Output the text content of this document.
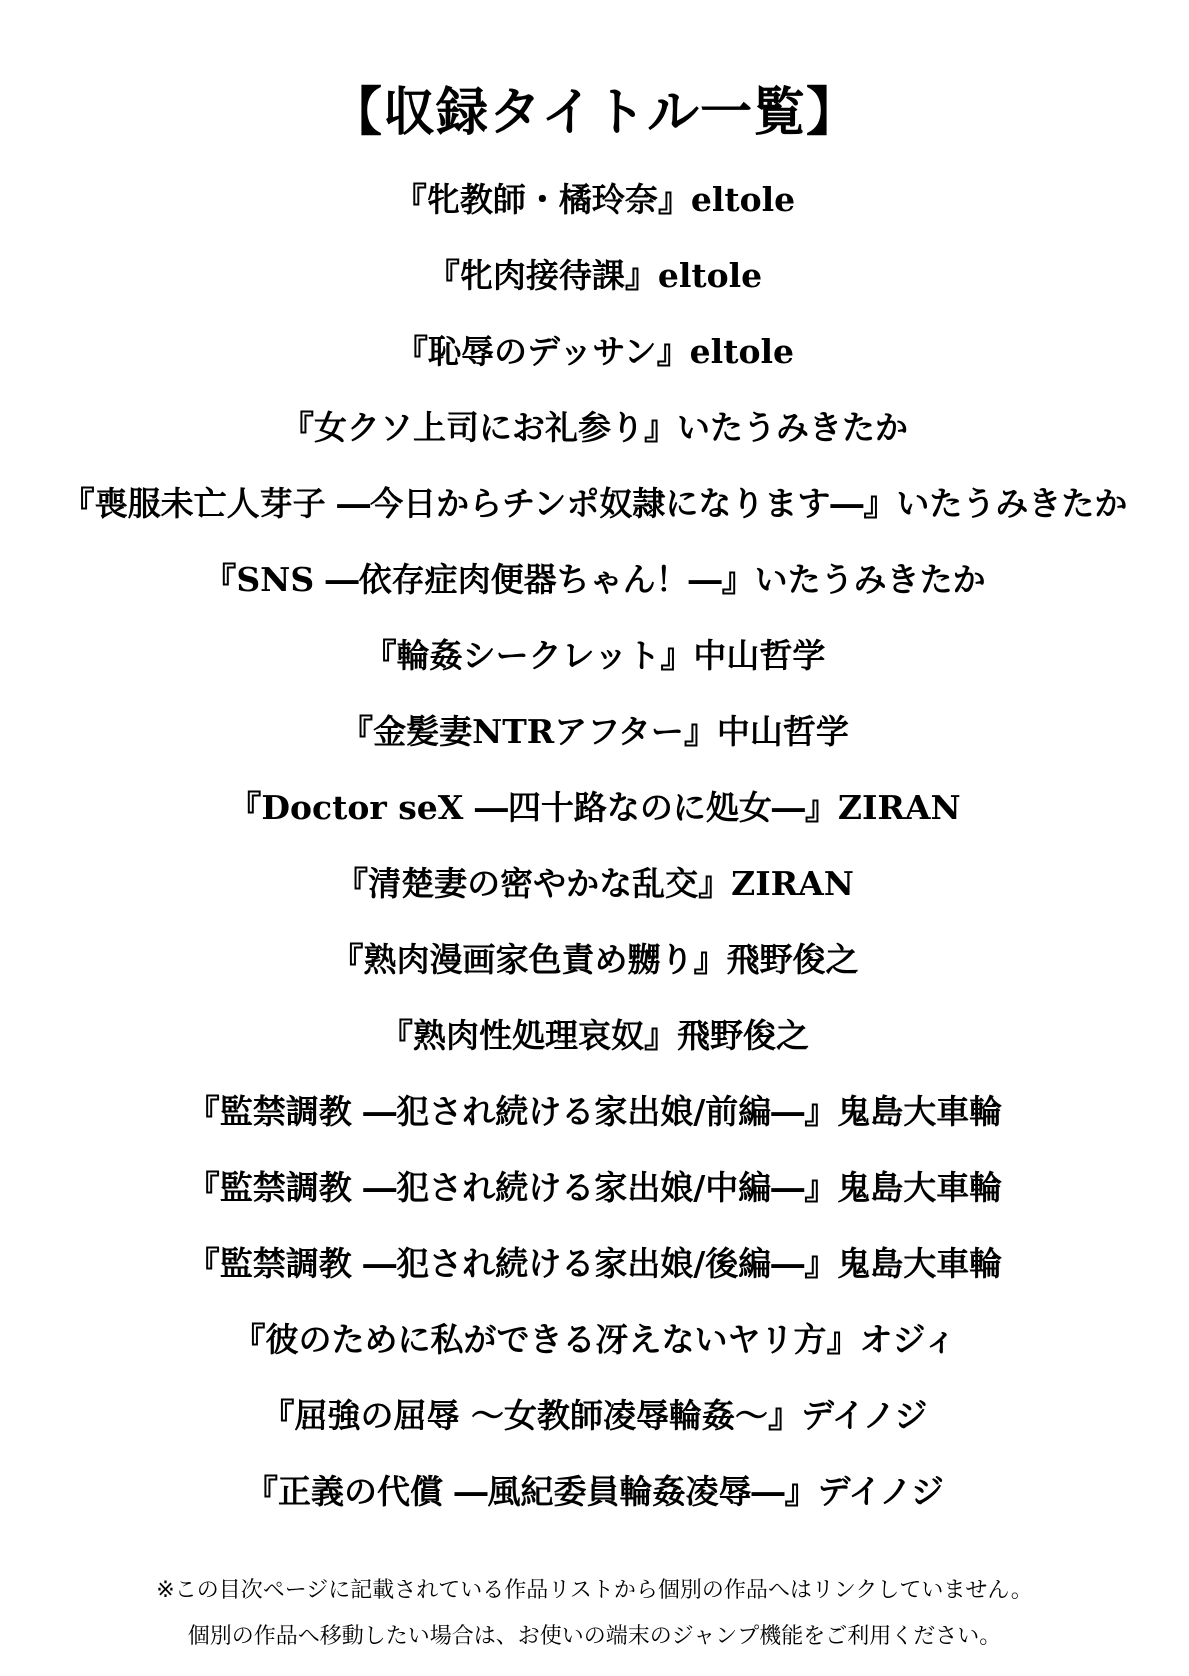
【収録タイトル一覧】
『牝教師・橘玲奈』eltole
『牝肉接待課』eltole
『恥辱のデッサン』eltole
『女クソ上司にお礼参り』いたうみきたか
『喪服未亡人芽子 ―今日からチンポ奴隷になります―』いたうみきたか
『SNS ―依存症肉便器ちゃん！―』いたうみきたか
『輪姦シークレット』中山哲学
『金髪妻NTRアフター』中山哲学
『Doctor seX ―四十路なのに処女―』ZIRAN
『清楚妻の密やかな乱交』ZIRAN
『熟肉漫画家色責め嬲り』飛野俊之
『熟肉性処理哀奴』飛野俊之
『監禁調教 ―犯され続ける家出娘/前編―』鬼島大車輪
『監禁調教 ―犯され続ける家出娘/中編―』鬼島大車輪
『監禁調教 ―犯され続ける家出娘/後編―』鬼島大車輪
『彼のために私ができる冴えないヤリ方』オジィ
『屈強の屈辱 ～女教師凌辱輪姦～』デイノジ
『正義の代償 ―風紀委員輪姦凌辱―』デイノジ
※この目次ページに記載されている作品リストから個別の作品へはリンクしていません。
個別の作品へ移動したい場合は、お使いの端末のジャンプ機能をご利用ください。
